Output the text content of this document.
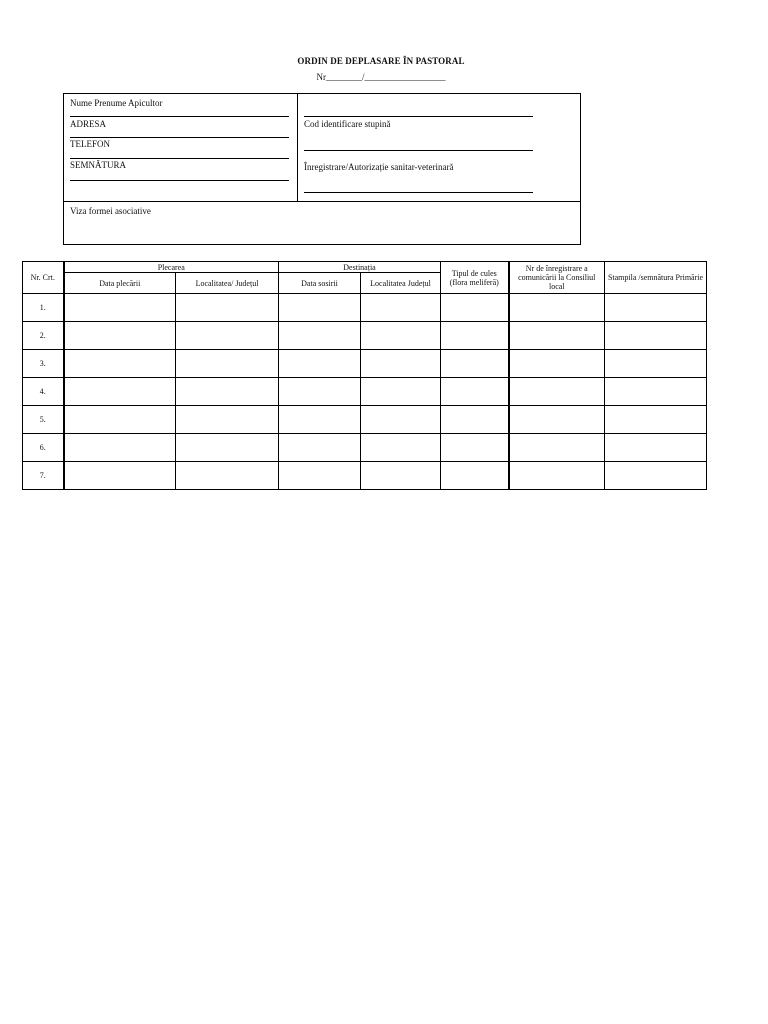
ORDIN DE DEPLASARE ÎN PASTORAL
Nr________/__________________
Nume Prenume Apicultor
ADRESA
TELEFON
SEMNĂTURA
Cod identificare stupină
Înregistrare/Autorizație sanitar-veterinară
Viza formei asociative
Nr. Crt.	Plecarea		Destinația		Tipul de cules (flora meliferă)	Nr de înregistrare a comunicării la Consiliul local	Stampila /semnătura Primărie
	Data plecării	Localitatea/ Județul	Data sosirii	Localitatea Județul			
1.							
2.							
3.							
4.							
5.							
6.							
7.							
